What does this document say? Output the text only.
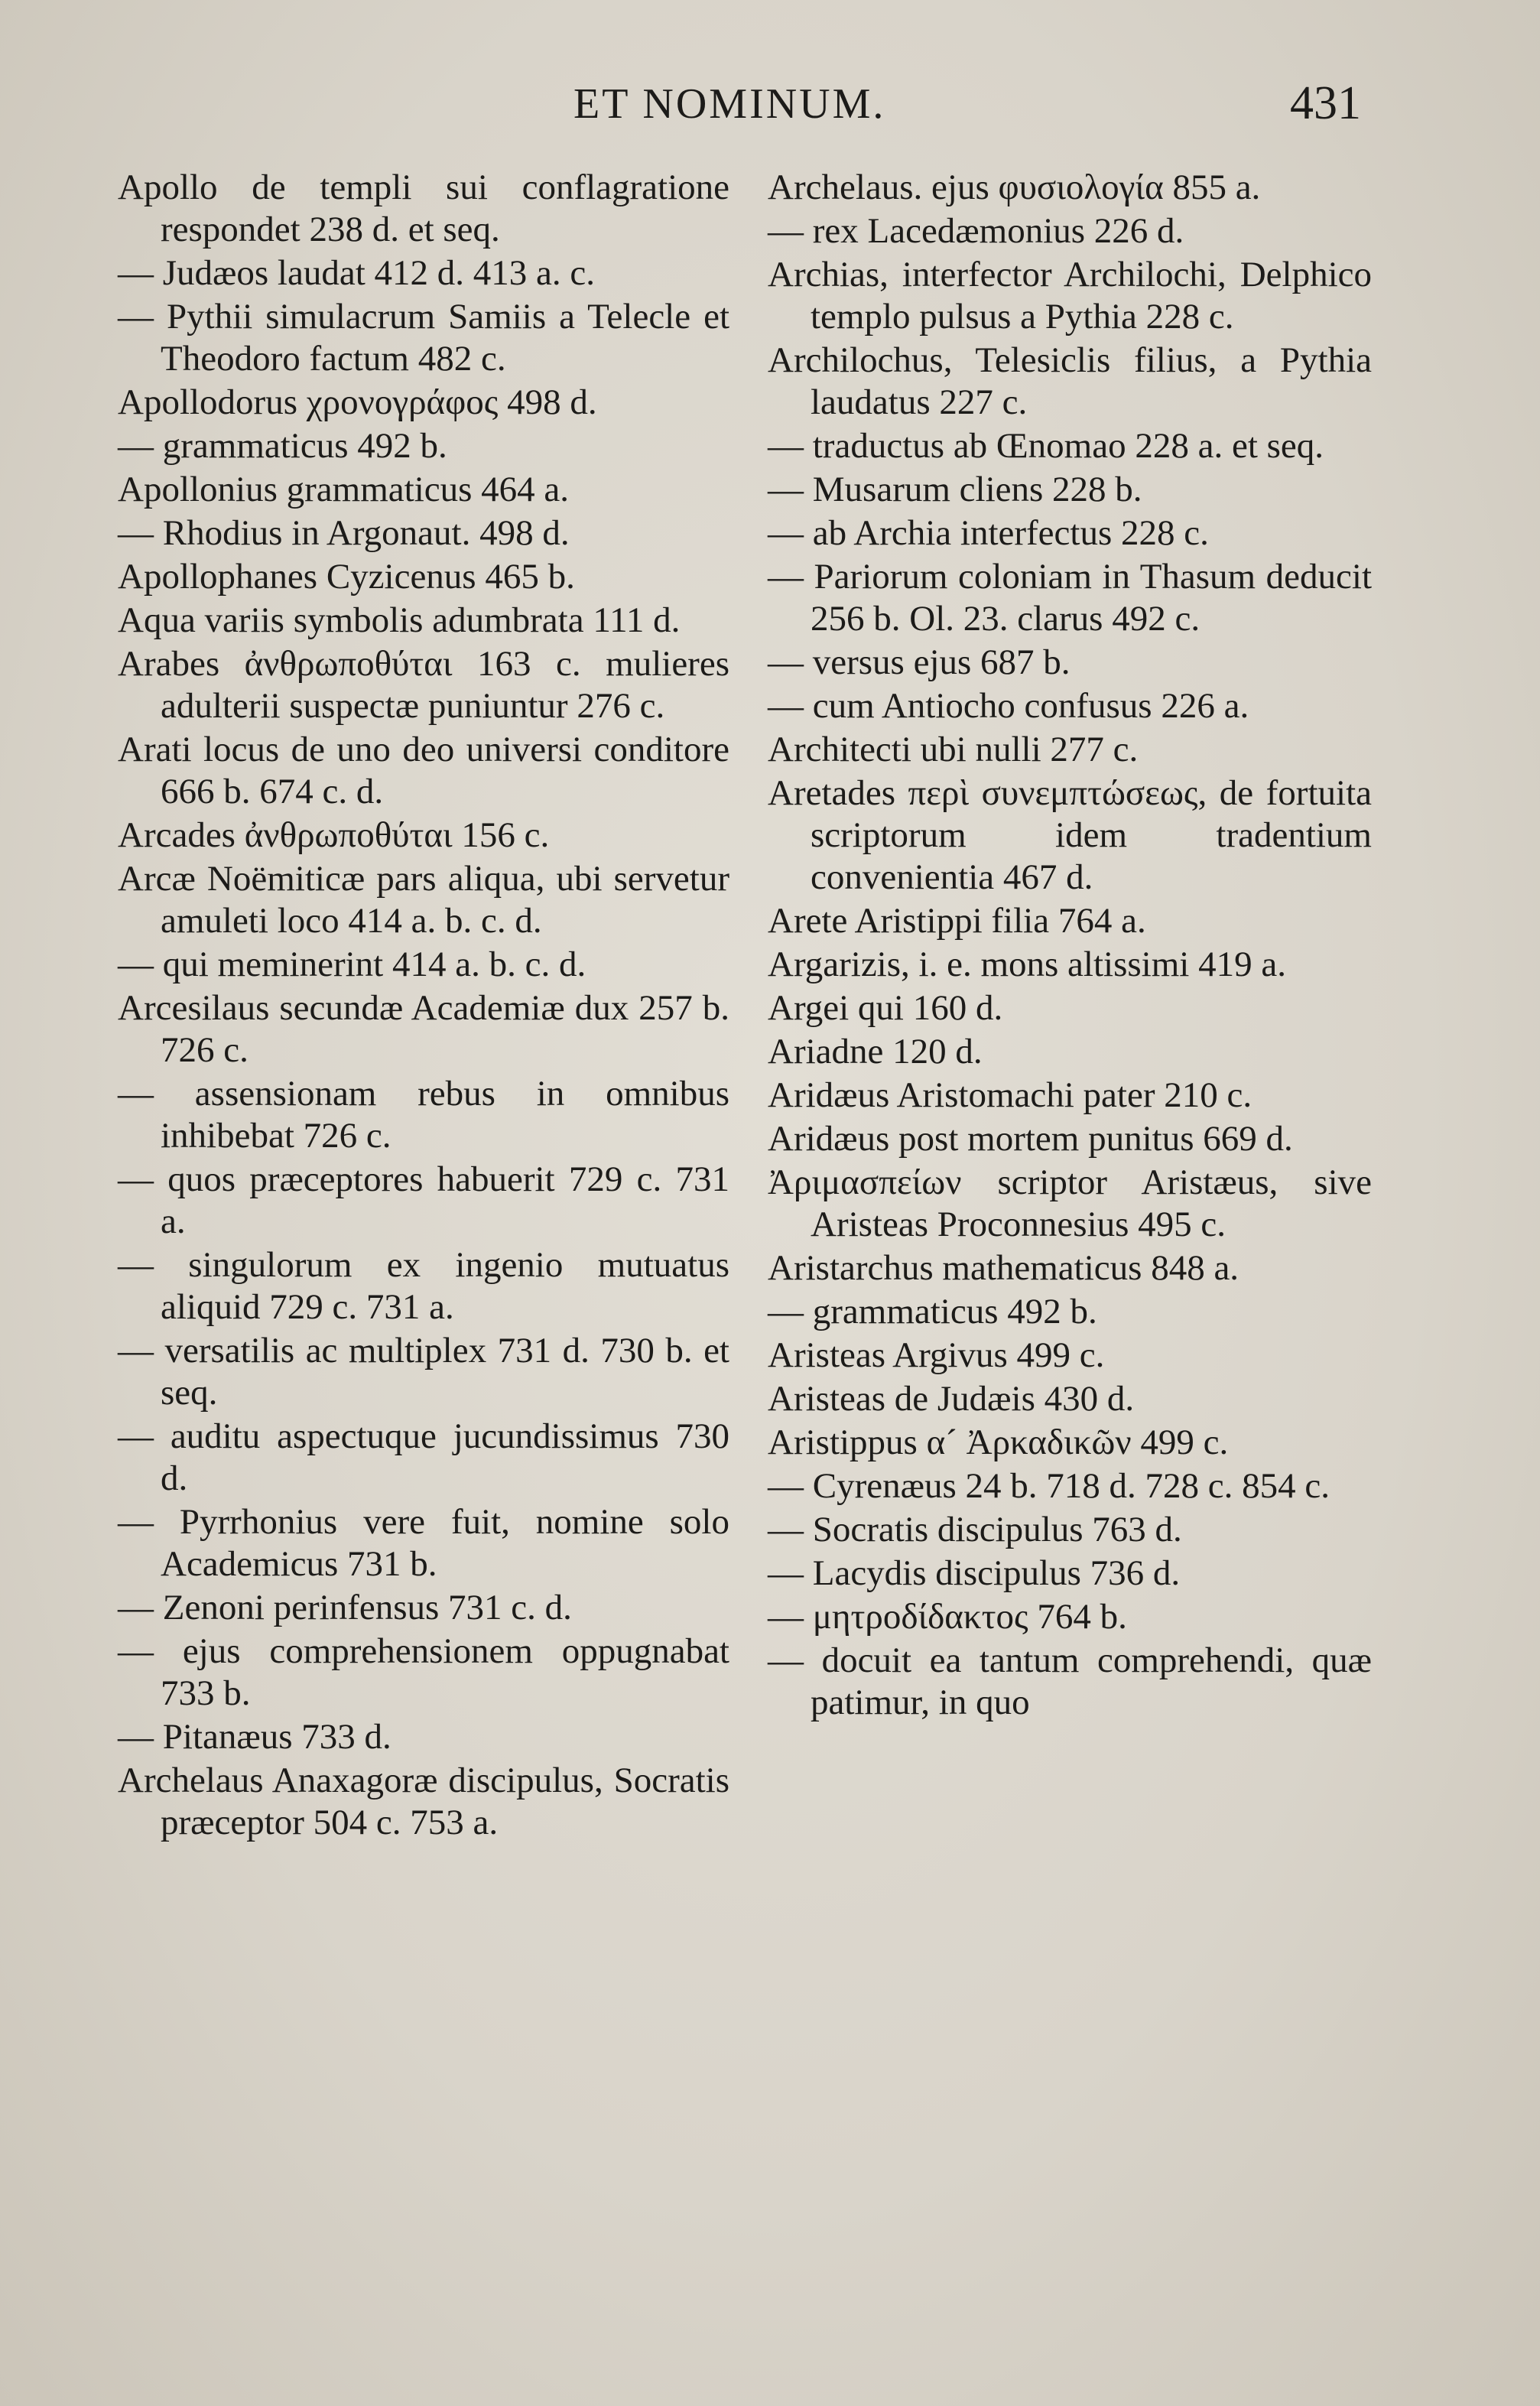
ET NOMINUM.	431
Apollo de templi sui conflagratione respondet 238 d. et seq.
— Judæos laudat 412 d. 413 a. c.
— Pythii simulacrum Samiis a Telecle et Theodoro factum 482 c.
Apollodorus χρονογράφος 498 d.
— grammaticus 492 b.
Apollonius grammaticus 464 a.
— Rhodius in Argonaut. 498 d.
Apollophanes Cyzicenus 465 b.
Aqua variis symbolis adumbrata 111 d.
Arabes ἀνθρωποθύται 163 c. mulieres adulterii suspectæ puniuntur 276 c.
Arati locus de uno deo universi conditore 666 b. 674 c. d.
Arcades ἀνθρωποθύται 156 c.
Arcæ Noëmiticæ pars aliqua, ubi servetur amuleti loco 414 a. b. c. d.
— qui meminerint 414 a. b. c. d.
Arcesilaus secundæ Academiæ dux 257 b. 726 c.
— assensionam rebus in omnibus inhibebat 726 c.
— quos præceptores habuerit 729 c. 731 a.
— singulorum ex ingenio mutuatus aliquid 729 c. 731 a.
— versatilis ac multiplex 731 d. 730 b. et seq.
— auditu aspectuque jucundissimus 730 d.
— Pyrrhonius vere fuit, nomine solo Academicus 731 b.
— Zenoni perinfensus 731 c. d.
— ejus comprehensionem oppugnabat 733 b.
— Pitanæus 733 d.
Archelaus Anaxagoræ discipulus, Socratis præceptor 504 c. 753 a.
Archelaus. ejus φυσιολογία 855 a.
— rex Lacedæmonius 226 d.
Archias, interfector Archilochi, Delphico templo pulsus a Pythia 228 c.
Archilochus, Telesiclis filius, a Pythia laudatus 227 c.
— traductus ab Œnomao 228 a. et seq.
— Musarum cliens 228 b.
— ab Archia interfectus 228 c.
— Pariorum coloniam in Thasum deducit 256 b. Ol. 23. clarus 492 c.
— versus ejus 687 b.
— cum Antiocho confusus 226 a.
Architecti ubi nulli 277 c.
Aretades περὶ συνεμπτώσεως, de fortuita scriptorum idem tradentium convenientia 467 d.
Arete Aristippi filia 764 a.
Argarizis, i. e. mons altissimi 419 a.
Argei qui 160 d.
Ariadne 120 d.
Aridæus Aristomachi pater 210 c.
Aridæus post mortem punitus 669 d.
Ἀριμασπείων scriptor Aristæus, sive Aristeas Proconnesius 495 c.
Aristarchus mathematicus 848 a.
— grammaticus 492 b.
Aristeas Argivus 499 c.
Aristeas de Judæis 430 d.
Aristippus α´ Ἀρκαδικῶν 499 c.
— Cyrenæus 24 b. 718 d. 728 c. 854 c.
— Socratis discipulus 763 d.
— Lacydis discipulus 736 d.
— μητροδίδακτος 764 b.
— docuit ea tantum comprehendi, quæ patimur, in quo
